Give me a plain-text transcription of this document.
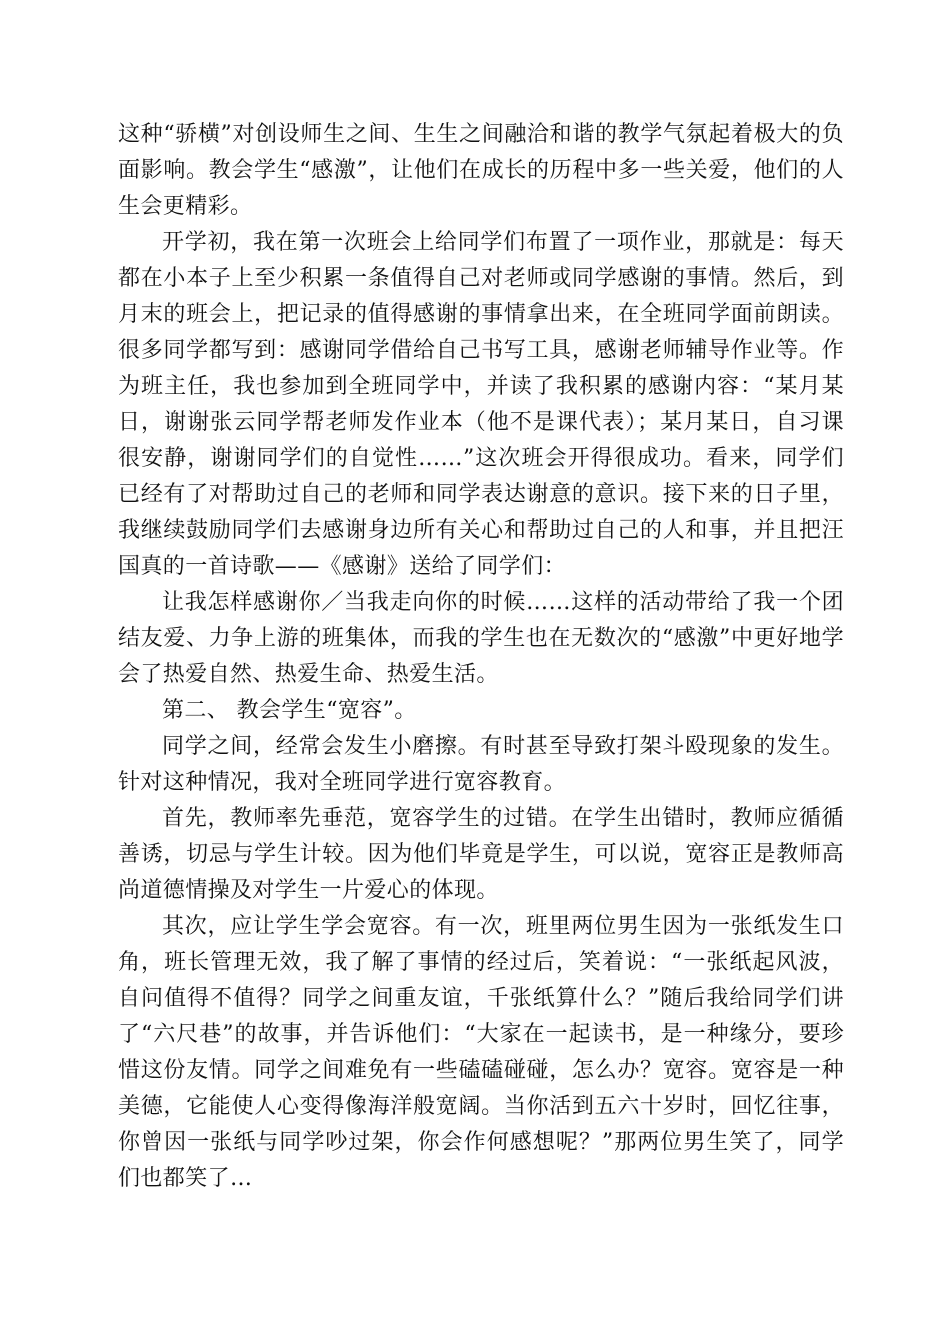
这种“骄横”对创设师生之间、生生之间融洽和谐的教学气氛起着极大的负面影响。教会学生“感激”，让他们在成长的历程中多一些关爱，他们的人生会更精彩。

开学初，我在第一次班会上给同学们布置了一项作业，那就是：每天都在小本子上至少积累一条值得自己对老师或同学感谢的事情。然后，到月末的班会上，把记录的值得感谢的事情拿出来，在全班同学面前朗读。很多同学都写到：感谢同学借给自己书写工具，感谢老师辅导作业等。作为班主任，我也参加到全班同学中，并读了我积累的感谢内容：“某月某日，谢谢张云同学帮老师发作业本（他不是课代表）；某月某日，自习课很安静，谢谢同学们的自觉性……”这次班会开得很成功。看来，同学们已经有了对帮助过自己的老师和同学表达谢意的意识。接下来的日子里，我继续鼓励同学们去感谢身边所有关心和帮助过自己的人和事，并且把汪国真的一首诗歌——《感谢》送给了同学们：

让我怎样感谢你／当我走向你的时候……这样的活动带给了我一个团结友爱、力争上游的班集体，而我的学生也在无数次的“感激”中更好地学会了热爱自然、热爱生命、热爱生活。

第二、 教会学生“宽容”。

同学之间，经常会发生小磨擦。有时甚至导致打架斗殴现象的发生。针对这种情况，我对全班同学进行宽容教育。

首先，教师率先垂范，宽容学生的过错。在学生出错时，教师应循循善诱，切忌与学生计较。因为他们毕竟是学生，可以说，宽容正是教师高尚道德情操及对学生一片爱心的体现。

其次，应让学生学会宽容。有一次，班里两位男生因为一张纸发生口角，班长管理无效，我了解了事情的经过后，笑着说：“一张纸起风波，自问值得不值得？同学之间重友谊，千张纸算什么？”随后我给同学们讲了“六尺巷”的故事，并告诉他们：“大家在一起读书，是一种缘分，要珍惜这份友情。同学之间难免有一些磕磕碰碰，怎么办？宽容。宽容是一种美德，它能使人心变得像海洋般宽阔。当你活到五六十岁时，回忆往事，你曾因一张纸与同学吵过架，你会作何感想呢？”那两位男生笑了，同学们也都笑了…
